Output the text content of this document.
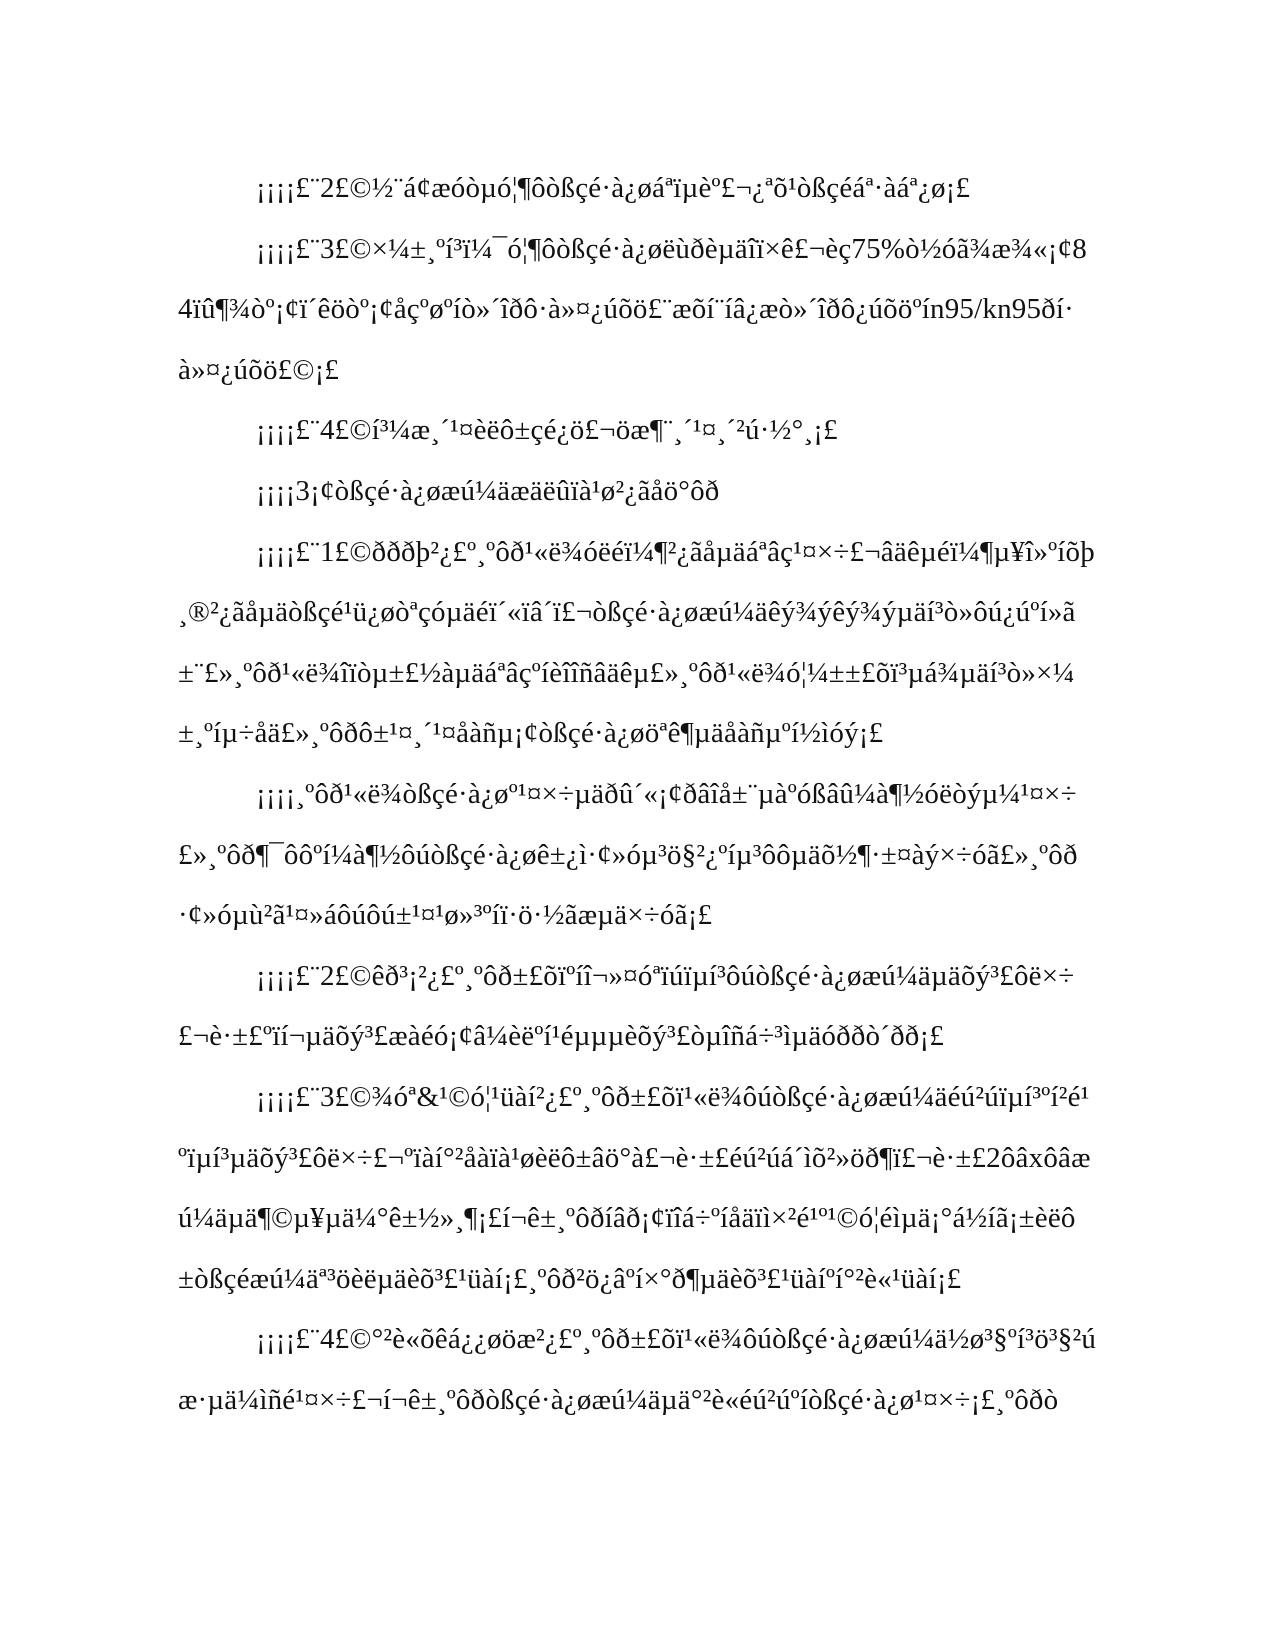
¡¡¡¡£¨2£©½¨á¢æóòµó¦¶ôòßçé·à¿øáªïµèº£¬¿ªõ¹òßçéáª·àáª¿ø¡£

¡¡¡¡£¨3£©×¼±¸ºí³ï¼¯ó¦¶ôòßçé·à¿øëùðèµäîï×ê£¬èç75%ò½óã¾æ¾«¡¢84ïû¶¾òº¡¢ï´êöòº¡¢åçºøºíò»´îðô·à»¤¿úõö£¨æõí¨íâ¿æò»´îðô¿úõöºín95/kn95ðí·à»¤¿úõö£©¡£

¡¡¡¡£¨4£©í³¼æ¸´¹¤èëô±çé¿ö£¬öæ¶¨¸´¹¤¸´²ú·½°¸¡£

¡¡¡¡3¡¢òßçé·à¿øæú¼äæäëûïà¹ø²¿ãåö°ôð

¡¡¡¡£¨1£©ðððþ²¿£º¸ºôð¹«ë¾óëéï¼¶²¿ãåµäáªâç¹¤×÷£¬âäêµéï¼¶µ¥î»ºíõþ¸®²¿ãåµäòßçé¹ü¿øòªçóµäéï´«ïâ´ï£¬òßçé·à¿øæú¼äêý¾ýêý¾ýµäí³ò»ôú¿úºí»ã±¨£»¸ºôð¹«ë¾îïòµ±£½àµäáªâçºíèîîñâäêµ£»¸ºôð¹«ë¾ó¦¼±±£õï³µá¾µäí³ò»×¼±¸ºíµ÷åä£»¸ºôðô±¹¤¸´¹¤åàñµ¡¢òßçé·à¿øöªê¶µäåàñµºí½ìóý¡£

¡¡¡¡¸ºôð¹«ë¾òßçé·à¿øº¹¤×÷µäðû´«¡¢ðâîå±¨µàºóßâû¼à¶½óëòýµ¼¹¤×÷£»¸ºôð¶¯ôôºí¼à¶½ôúòßçé·à¿øê±¿ì·¢»óµ³ö§²¿ºíµ³ôôµäõ½¶·±¤àý×÷óã£»¸ºôð·¢»óµù²ã¹¤»áôúôú±¹¤¹ø»³ºíï·ö·½ãæµä×÷óã¡£

¡¡¡¡£¨2£©êð³¡²¿£º¸ºôð±£õïºíî¬»¤óªïúïµí³ôúòßçé·à¿øæú¼äµäõý³£ôë×÷£¬è·±£ºïí¬µäõý³£æàéó¡¢â¼èëºí¹éµµµèõý³£òµîñá÷³ìµäóððò´ðð¡£

¡¡¡¡£¨3£©¾óª&¹©ó¦¹üàí²¿£º¸ºôð±£õï¹«ë¾ôúòßçé·à¿øæú¼äéú²úïµí³ºí²é¹ºïµí³µäõý³£ôë×÷£¬ºïàí°²åàïà¹øèëô±âö°à£¬è·±£éú²úá´ìõ²»öð¶ï£¬è·±£2ôâxôâæú¼äµä¶©µ¥µä¼°ê±½»¸¶¡£í¬ê±¸ºôðíâð¡¢ïîá÷ºíåäïì×²é¹º¹©ó¦éìµä¡°á½íã¡±èëô±òßçéæú¼äª³öèëµäèõ³£¹üàí¡£¸ºôð²ö¿âºí×°ð¶µäèõ³£¹üàíºí°²è«¹üàí¡£

¡¡¡¡£¨4£©°²è«õêá¿¿øöæ²¿£º¸ºôð±£õï¹«ë¾ôúòßçé·à¿øæú¼ä½ø³§ºí³ö³§²úæ·µä¼ìñé¹¤×÷£¬í¬ê±¸ºôðòßçé·à¿øæú¼äµä°²è«éú²úºíòßçé·à¿ø¹¤×÷¡£¸ºôðò
